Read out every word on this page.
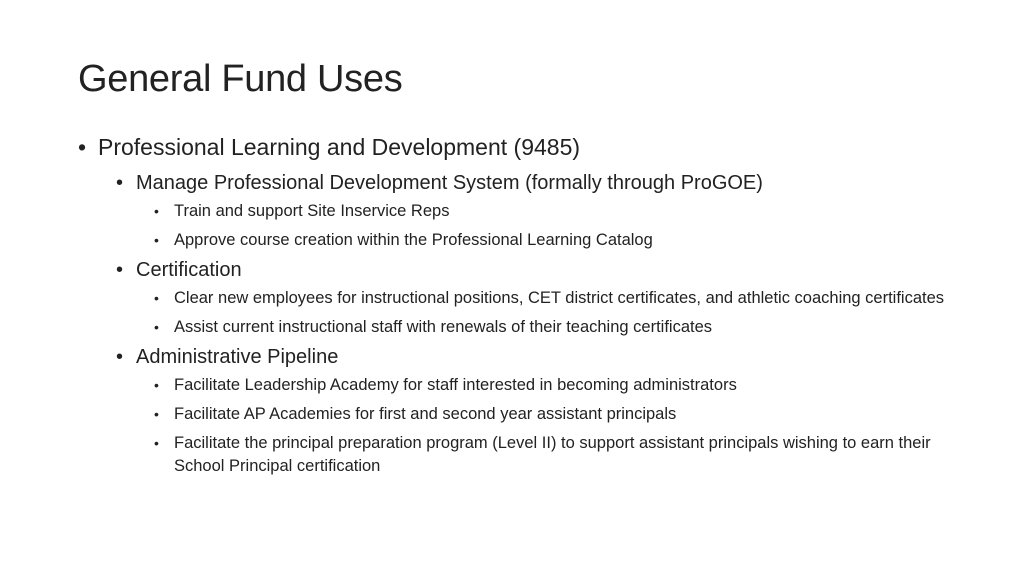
General Fund Uses
• Professional Learning and Development (9485)
• Manage Professional Development System (formally through ProGOE)
• Train and support Site Inservice Reps
• Approve course creation within the Professional Learning Catalog
• Certification
• Clear new employees for instructional positions, CET district certificates, and athletic coaching certificates
• Assist current instructional staff with renewals of their teaching certificates
• Administrative Pipeline
• Facilitate Leadership Academy for staff interested in becoming administrators
• Facilitate AP Academies for first and second year assistant principals
• Facilitate the principal preparation program (Level II) to support assistant principals wishing to earn their School Principal certification
